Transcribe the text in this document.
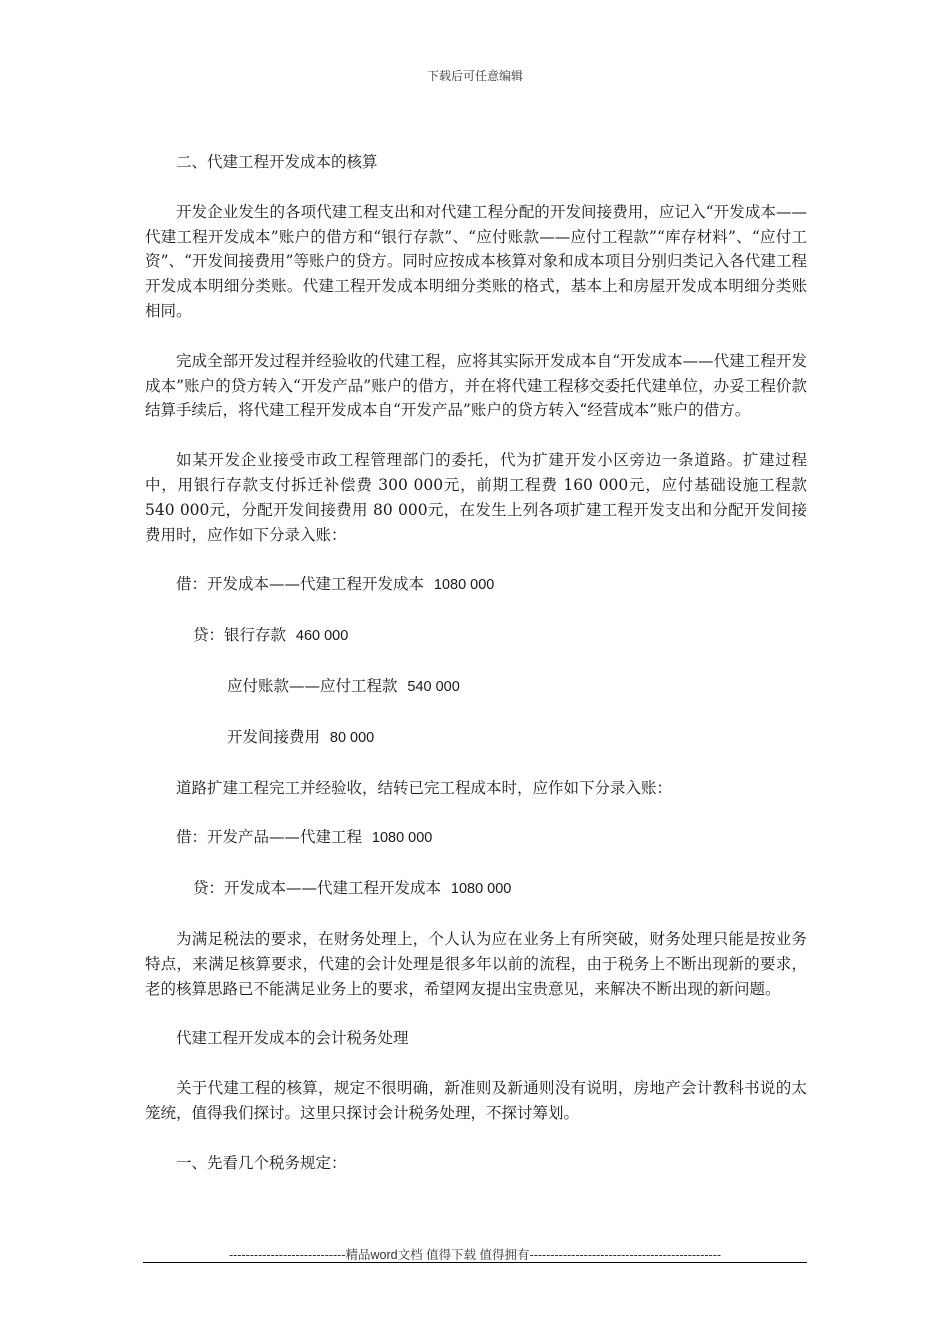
下载后可任意编辑

二、代建工程开发成本的核算

开发企业发生的各项代建工程支出和对代建工程分配的开发间接费用，应记入“开发成本——代建工程开发成本”账户的借方和“银行存款”、“应付账款——应付工程款”“库存材料”、“应付工资”、“开发间接费用”等账户的贷方。同时应按成本核算对象和成本项目分别归类记入各代建工程开发成本明细分类账。代建工程开发成本明细分类账的格式，基本上和房屋开发成本明细分类账相同。

完成全部开发过程并经验收的代建工程，应将其实际开发成本自“开发成本——代建工程开发成本”账户的贷方转入“开发产品”账户的借方，并在将代建工程移交委托代建单位，办妥工程价款结算手续后，将代建工程开发成本自“开发产品”账户的贷方转入“经营成本”账户的借方。

如某开发企业接受市政工程管理部门的委托，代为扩建开发小区旁边一条道路。扩建过程中，用银行存款支付拆迁补偿费 300 000元，前期工程费 160 000元，应付基础设施工程款 540 000元，分配开发间接费用 80 000元，在发生上列各项扩建工程开发支出和分配开发间接费用时，应作如下分录入账：

借：开发成本——代建工程开发成本 1080 000

贷：银行存款 460 000

应付账款——应付工程款 540 000

开发间接费用 80 000

道路扩建工程完工并经验收，结转已完工程成本时，应作如下分录入账：

借：开发产品——代建工程 1080 000

贷：开发成本——代建工程开发成本 1080 000

为满足税法的要求，在财务处理上，个人认为应在业务上有所突破，财务处理只能是按业务特点，来满足核算要求，代建的会计处理是很多年以前的流程，由于税务上不断出现新的要求，老的核算思路已不能满足业务上的要求，希望网友提出宝贵意见，来解决不断出现的新问题。

代建工程开发成本的会计税务处理

关于代建工程的核算，规定不很明确，新准则及新通则没有说明，房地产会计教科书说的太笼统，值得我们探讨。这里只探讨会计税务处理，不探讨筹划。

一、先看几个税务规定：

----------------------------精品word文档 值得下载 值得拥有----------------------------------------------
